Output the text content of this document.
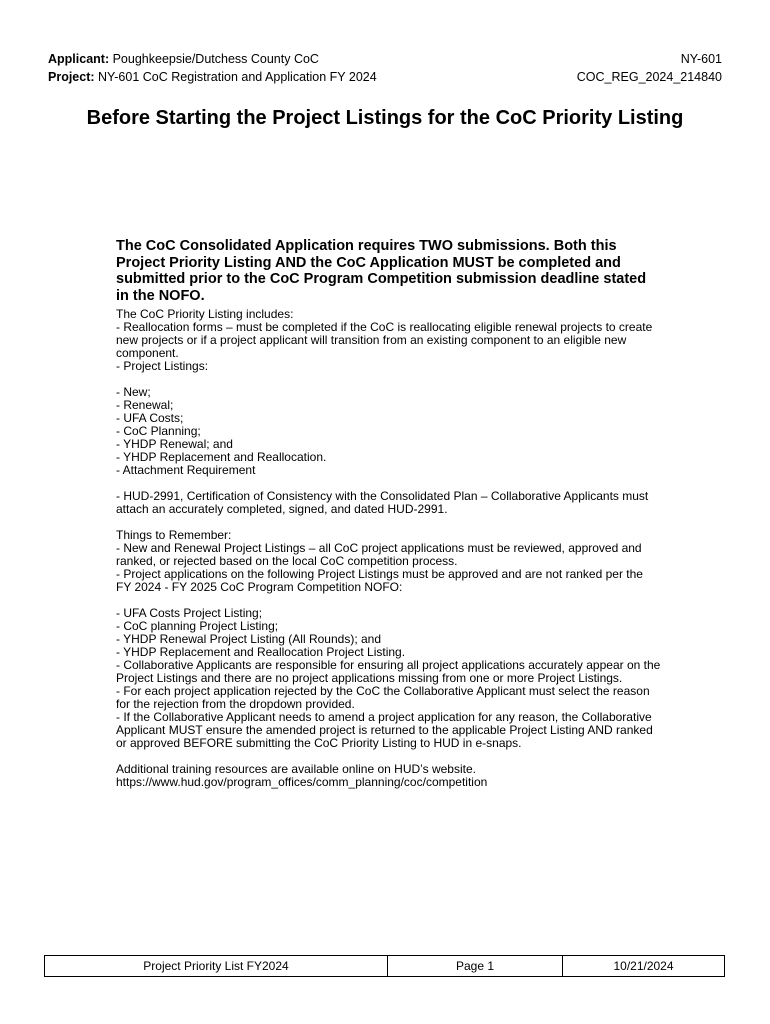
Applicant: Poughkeepsie/Dutchess County CoC	NY-601
Project: NY-601 CoC Registration and Application FY 2024	COC_REG_2024_214840
Before Starting the Project Listings for the CoC Priority Listing

The CoC Consolidated Application requires TWO submissions. Both this Project Priority Listing AND the CoC Application MUST be completed and submitted prior to the CoC Program Competition submission deadline stated in the NOFO.

The CoC Priority Listing includes:

- Reallocation forms – must be completed if the CoC is reallocating eligible renewal projects to create new projects or if a project applicant will transition from an existing component to an eligible new component.

- Project Listings:

- New;

- Renewal;

- UFA Costs;

- CoC Planning;

- YHDP Renewal; and

- YHDP Replacement and Reallocation.

- Attachment Requirement

- HUD-2991, Certification of Consistency with the Consolidated Plan – Collaborative Applicants must attach an accurately completed, signed, and dated HUD-2991.

Things to Remember:

- New and Renewal Project Listings – all CoC project applications must be reviewed, approved and ranked, or rejected based on the local CoC competition process.

- Project applications on the following Project Listings must be approved and are not ranked per the FY 2024 - FY 2025 CoC Program Competition NOFO:

- UFA Costs Project Listing;

- CoC planning Project Listing;

- YHDP Renewal Project Listing (All Rounds); and

- YHDP Replacement and Reallocation Project Listing.

- Collaborative Applicants are responsible for ensuring all project applications accurately appear on the Project Listings and there are no project applications missing from one or more Project Listings.

- For each project application rejected by the CoC the Collaborative Applicant must select the reason for the rejection from the dropdown provided.

- If the Collaborative Applicant needs to amend a project application for any reason, the Collaborative Applicant MUST ensure the amended project is returned to the applicable Project Listing AND ranked or approved BEFORE submitting the CoC Priority Listing to HUD in e-snaps.

Additional training resources are available online on HUD’s website.

https://www.hud.gov/program_offices/comm_planning/coc/competition

Project Priority List FY2024	Page 1	10/21/2024
